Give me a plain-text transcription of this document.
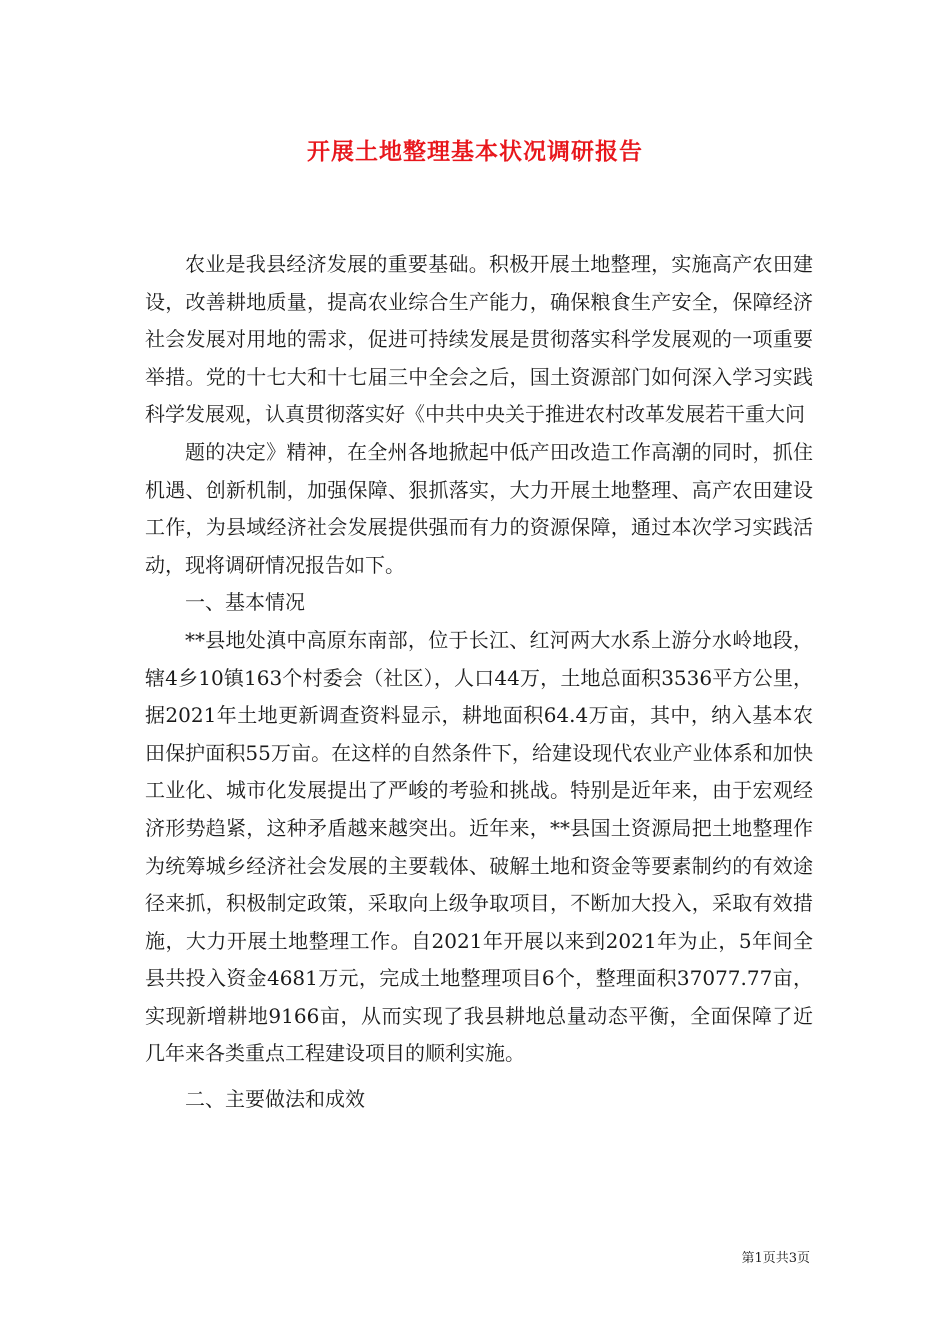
开展土地整理基本状况调研报告

农业是我县经济发展的重要基础。积极开展土地整理，实施高产农田建设，改善耕地质量，提高农业综合生产能力，确保粮食生产安全，保障经济社会发展对用地的需求，促进可持续发展是贯彻落实科学发展观的一项重要举措。党的十七大和十七届三中全会之后，国土资源部门如何深入学习实践科学发展观，认真贯彻落实好《中共中央关于推进农村改革发展若干重大问

题的决定》精神，在全州各地掀起中低产田改造工作高潮的同时，抓住机遇、创新机制，加强保障、狠抓落实，大力开展土地整理、高产农田建设工作，为县域经济社会发展提供强而有力的资源保障，通过本次学习实践活动，现将调研情况报告如下。

一、基本情况

**县地处滇中高原东南部，位于长江、红河两大水系上游分水岭地段，辖4乡10镇163个村委会（社区），人口44万，土地总面积3536平方公里，据2021年土地更新调查资料显示，耕地面积64.4万亩，其中，纳入基本农田保护面积55万亩。在这样的自然条件下，给建设现代农业产业体系和加快工业化、城市化发展提出了严峻的考验和挑战。特别是近年来，由于宏观经济形势趋紧，这种矛盾越来越突出。近年来，**县国土资源局把土地整理作为统筹城乡经济社会发展的主要载体、破解土地和资金等要素制约的有效途径来抓，积极制定政策，采取向上级争取项目，不断加大投入，采取有效措施，大力开展土地整理工作。自2021年开展以来到2021年为止，5年间全县共投入资金4681万元，完成土地整理项目6个，整理面积37077.77亩，实现新增耕地9166亩，从而实现了我县耕地总量动态平衡，全面保障了近几年来各类重点工程建设项目的顺利实施。

二、主要做法和成效

第1页共3页
